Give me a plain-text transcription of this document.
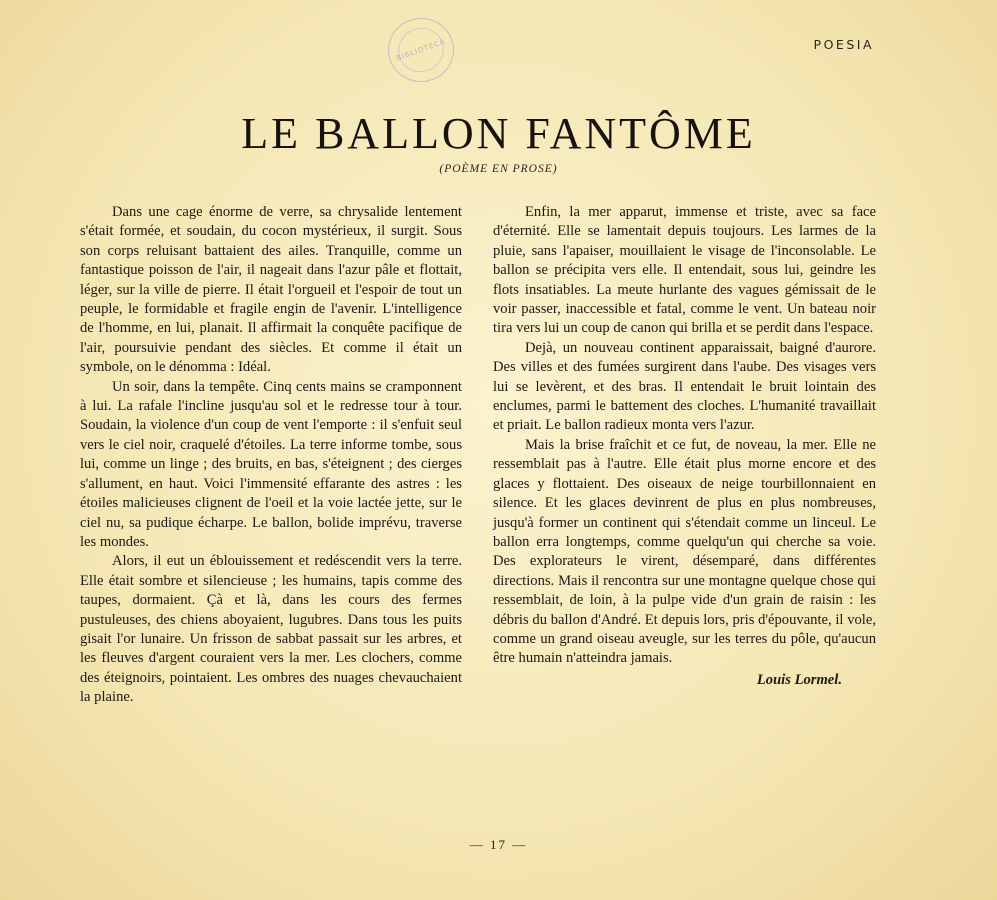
BIBLIOTECA	POESIA
LE BALLON FANTÔME
(POÈME EN PROSE)

Dans une cage énorme de verre, sa chrysalide lentement s'était formée, et soudain, du cocon mystérieux, il surgit. Sous son corps reluisant battaient des ailes. Tranquille, comme un fantastique poisson de l'air, il nageait dans l'azur pâle et flottait, léger, sur la ville de pierre. Il était l'orgueil et l'espoir de tout un peuple, le formidable et fragile engin de l'avenir. L'intelligence de l'homme, en lui, planait. Il affirmait la conquête pacifique de l'air, poursuivie pendant des siècles. Et comme il était un symbole, on le dénomma : Idéal.

Un soir, dans la tempête. Cinq cents mains se cramponnent à lui. La rafale l'incline jusqu'au sol et le redresse tour à tour. Soudain, la violence d'un coup de vent l'emporte : il s'enfuit seul vers le ciel noir, craquelé d'étoiles. La terre informe tombe, sous lui, comme un linge ; des bruits, en bas, s'éteignent ; des cierges s'allument, en haut. Voici l'immensité effarante des astres : les étoiles malicieuses clignent de l'oeil et la voie lactée jette, sur le ciel nu, sa pudique écharpe. Le ballon, bolide imprévu, traverse les mondes.

Alors, il eut un éblouissement et redéscendit vers la terre. Elle était sombre et silencieuse ; les humains, tapis comme des taupes, dormaient. Çà et là, dans les cours des fermes pustuleuses, des chiens aboyaient, lugubres. Dans tous les puits gisait l'or lunaire. Un frisson de sabbat passait sur les arbres, et les fleuves d'argent couraient vers la mer. Les clochers, comme des éteignoirs, pointaient. Les ombres des nuages chevauchaient la plaine.

Enfin, la mer apparut, immense et triste, avec sa face d'éternité. Elle se lamentait depuis toujours. Les larmes de la pluie, sans l'apaiser, mouillaient le visage de l'inconsolable. Le ballon se précipita vers elle. Il entendait, sous lui, geindre les flots insatiables. La meute hurlante des vagues gémissait de le voir passer, inaccessible et fatal, comme le vent. Un bateau noir tira vers lui un coup de canon qui brilla et se perdit dans l'espace.

Dejà, un nouveau continent apparaissait, baigné d'aurore. Des villes et des fumées surgirent dans l'aube. Des visages vers lui se levèrent, et des bras. Il entendait le bruit lointain des enclumes, parmi le battement des cloches. L'humanité travaillait et priait. Le ballon radieux monta vers l'azur.

Mais la brise fraîchit et ce fut, de noveau, la mer. Elle ne ressemblait pas à l'autre. Elle était plus morne encore et des glaces y flottaient. Des oiseaux de neige tourbillonnaient en silence. Et les glaces devinrent de plus en plus nombreuses, jusqu'à former un continent qui s'étendait comme un linceul. Le ballon erra longtemps, comme quelqu'un qui cherche sa voie. Des explorateurs le virent, désemparé, dans différentes directions. Mais il rencontra sur une montagne quelque chose qui ressemblait, de loin, à la pulpe vide d'un grain de raisin : les débris du ballon d'André. Et depuis lors, pris d'épouvante, il vole, comme un grand oiseau aveugle, sur les terres du pôle, qu'aucun être humain n'atteindra jamais.

Louis Lormel.
— 17 —
